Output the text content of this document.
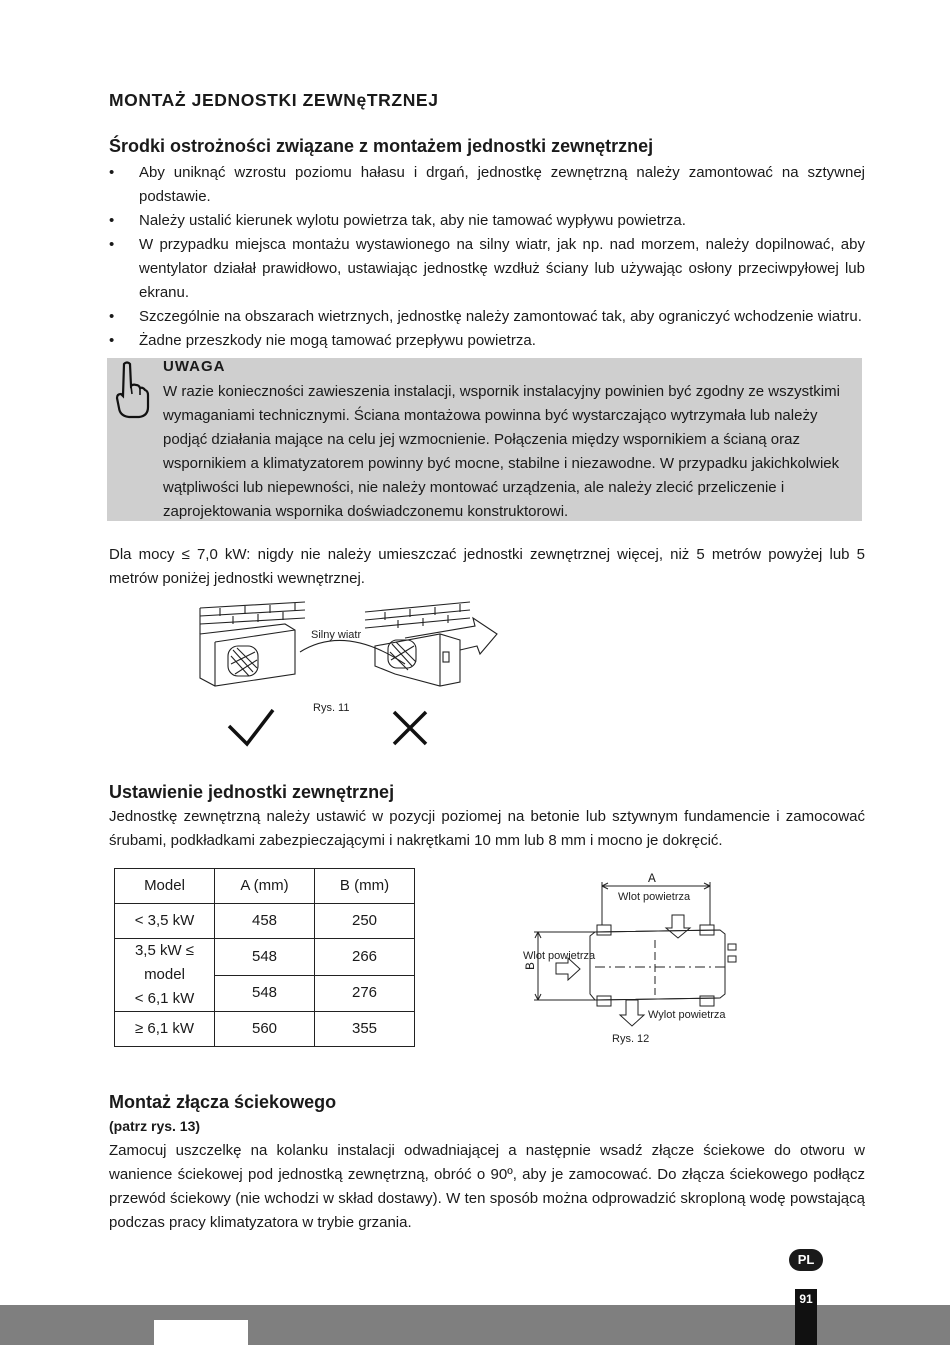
MONTAŻ JEDNOSTKI ZEWNęTRZNEJ
Środki ostrożności związane z montażem jednostki zewnętrznej
• Aby uniknąć wzrostu poziomu hałasu i drgań, jednostkę zewnętrzną należy zamontować na sztywnej podstawie.
• Należy ustalić kierunek wylotu powietrza tak, aby nie tamować wypływu powietrza.
• W przypadku miejsca montażu wystawionego na silny wiatr, jak np. nad morzem, należy dopilnować, aby wentylator działał prawidłowo, ustawiając jednostkę wzdłuż ściany lub używając osłony przeciwpyłowej lub ekranu.
• Szczególnie na obszarach wietrznych, jednostkę należy zamontować tak, aby ograniczyć wchodzenie wiatru.
• Żadne przeszkody nie mogą tamować przepływu powietrza.
UWAGA
W razie konieczności zawieszenia instalacji, wspornik instalacyjny powinien być zgodny ze wszystkimi wymaganiami technicznymi. Ściana montażowa powinna być wystarczająco wytrzymała lub należy podjąć działania mające na celu jej wzmocnienie. Połączenia między wspornikiem a ścianą oraz wspornikiem a klimatyzatorem powinny być mocne, stabilne i niezawodne. W przypadku jakichkolwiek wątpliwości lub niepewności, nie należy montować urządzenia, ale należy zlecić przeliczenie i zaprojektowania wspornika doświadczonemu konstruktorowi.
Dla mocy ≤ 7,0 kW: nigdy nie należy umieszczać jednostki zewnętrznej więcej, niż 5 metrów powyżej lub 5 metrów poniżej jednostki wewnętrznej.
Silny wiatr
Rys. 11
Ustawienie jednostki zewnętrznej
Jednostkę zewnętrzną należy ustawić w pozycji poziomej na betonie lub sztywnym fundamencie i zamocować śrubami, podkładkami zabezpieczającymi i nakrętkami 10 mm lub 8 mm i mocno je dokręcić.
Model	A (mm)	B (mm)
< 3,5 kW	458	250

3,5 kW ≤
model
< 6,1 kW	548	266
	548	276
≥ 6,1 kW	560	355
A
B
Wlot powietrza
Wlot powietrza
Wylot powietrza
Rys. 12
Montaż złącza ściekowego
(patrz rys. 13)
Zamocuj uszczelkę na kolanku instalacji odwadniającej a następnie wsadź złącze ściekowe do otworu w wanience ściekowej pod jednostką zewnętrzną, obróć o 90º, aby je zamocować. Do złącza ściekowego podłącz przewód ściekowy (nie wchodzi w skład dostawy). W ten sposób można odprowadzić skroploną wodę powstającą podczas pracy klimatyzatora w trybie grzania.
PL
91
